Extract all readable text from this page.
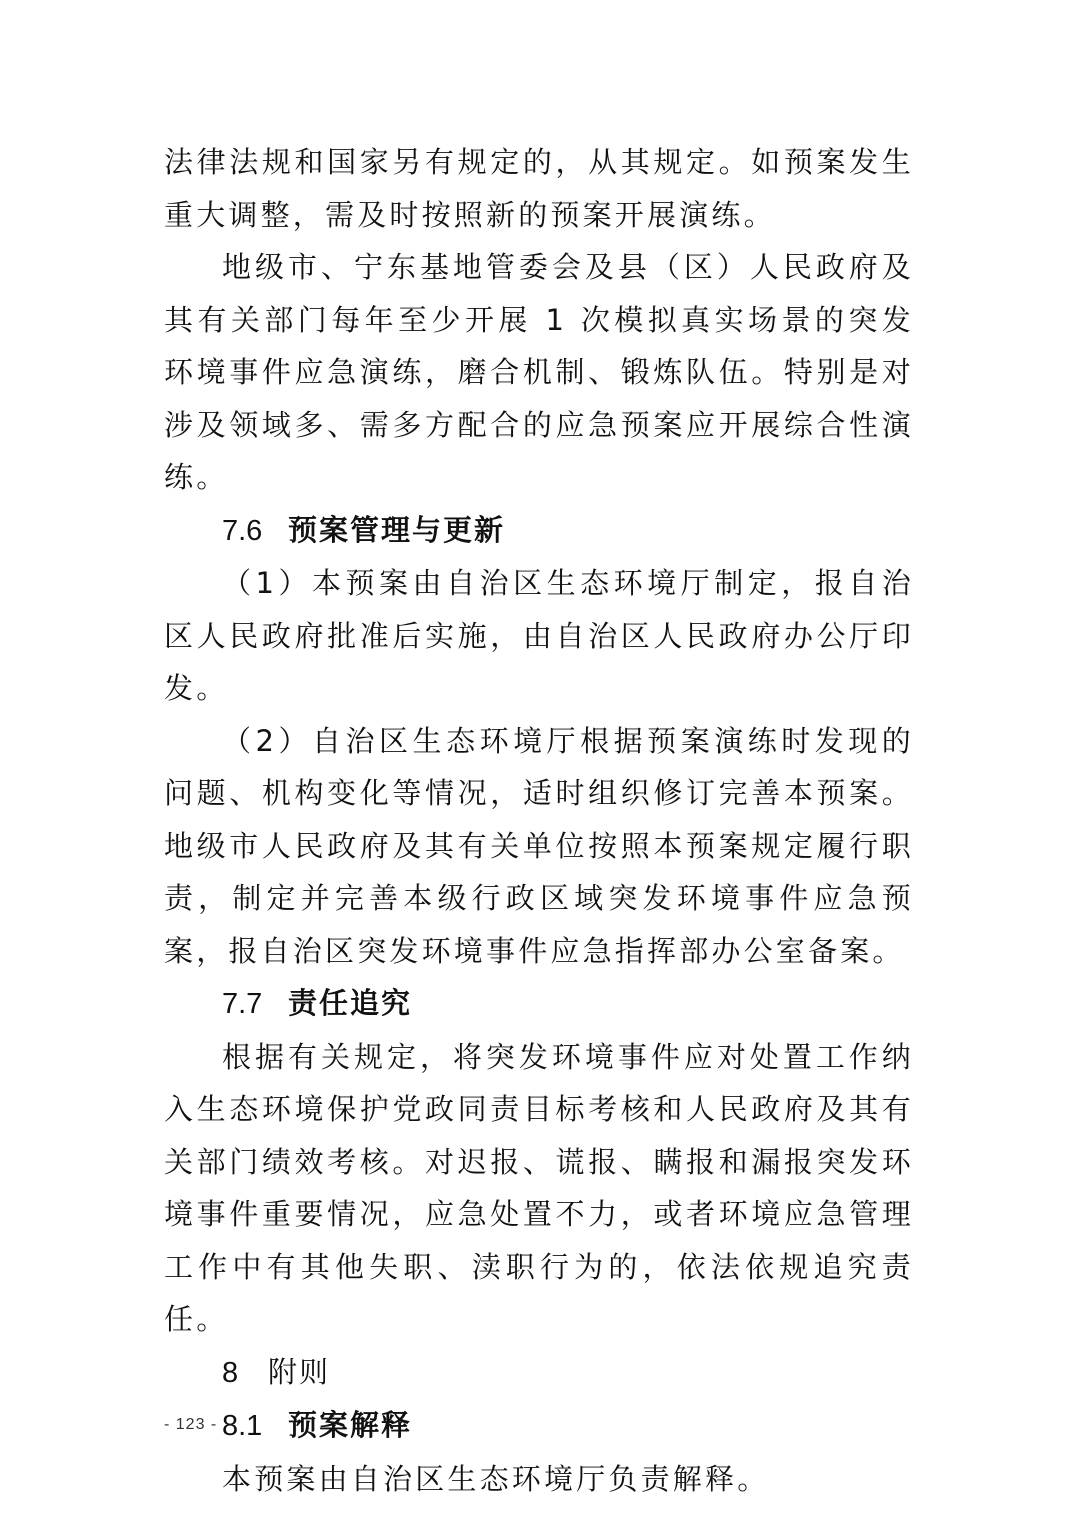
法律法规和国家另有规定的，从其规定。如预案发生重大调整，需及时按照新的预案开展演练。

地级市、宁东基地管委会及县（区）人民政府及其有关部门每年至少开展 1 次模拟真实场景的突发环境事件应急演练，磨合机制、锻炼队伍。特别是对涉及领域多、需多方配合的应急预案应开展综合性演练。

7.6 预案管理与更新

（1）本预案由自治区生态环境厅制定，报自治区人民政府批准后实施，由自治区人民政府办公厅印发。

（2）自治区生态环境厅根据预案演练时发现的问题、机构变化等情况，适时组织修订完善本预案。地级市人民政府及其有关单位按照本预案规定履行职责，制定并完善本级行政区域突发环境事件应急预案，报自治区突发环境事件应急指挥部办公室备案。

7.7 责任追究

根据有关规定，将突发环境事件应对处置工作纳入生态环境保护党政同责目标考核和人民政府及其有关部门绩效考核。对迟报、谎报、瞒报和漏报突发环境事件重要情况，应急处置不力，或者环境应急管理工作中有其他失职、渎职行为的，依法依规追究责任。

8 附则

8.1 预案解释

本预案由自治区生态环境厅负责解释。

- 123 -
